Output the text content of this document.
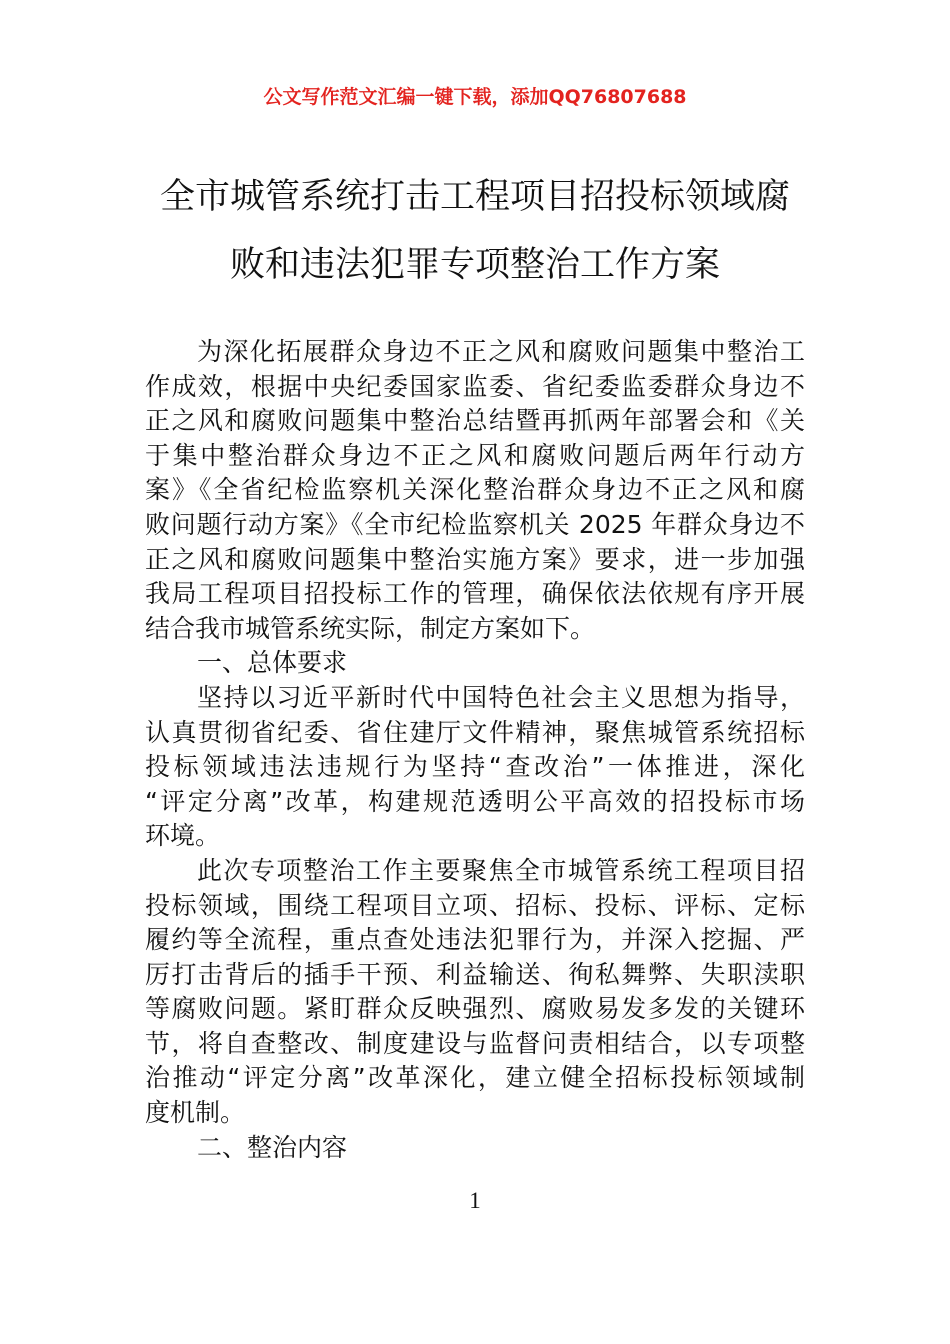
公文写作范文汇编一键下载，添加QQ76807688
全市城管系统打击工程项目招投标领域腐
败和违法犯罪专项整治工作方案
为深化拓展群众身边不正之风和腐败问题集中整治工
作成效，根据中央纪委国家监委、省纪委监委群众身边不
正之风和腐败问题集中整治总结暨再抓两年部署会和《关
于集中整治群众身边不正之风和腐败问题后两年行动方
案》《全省纪检监察机关深化整治群众身边不正之风和腐
败问题行动方案》《全市纪检监察机关 2025 年群众身边不
正之风和腐败问题集中整治实施方案》要求，进一步加强
我局工程项目招投标工作的管理，确保依法依规有序开展
结合我市城管系统实际，制定方案如下。
一、总体要求
坚持以习近平新时代中国特色社会主义思想为指导，
认真贯彻省纪委、省住建厅文件精神，聚焦城管系统招标
投标领域违法违规行为坚持“查改治”一体推进，深化
“评定分离”改革，构建规范透明公平高效的招投标市场
环境。
此次专项整治工作主要聚焦全市城管系统工程项目招
投标领域，围绕工程项目立项、招标、投标、评标、定标
履约等全流程，重点查处违法犯罪行为，并深入挖掘、严
厉打击背后的插手干预、利益输送、徇私舞弊、失职渎职
等腐败问题。紧盯群众反映强烈、腐败易发多发的关键环
节，将自查整改、制度建设与监督问责相结合，以专项整
治推动“评定分离”改革深化，建立健全招标投标领域制
度机制。
二、整治内容
1
